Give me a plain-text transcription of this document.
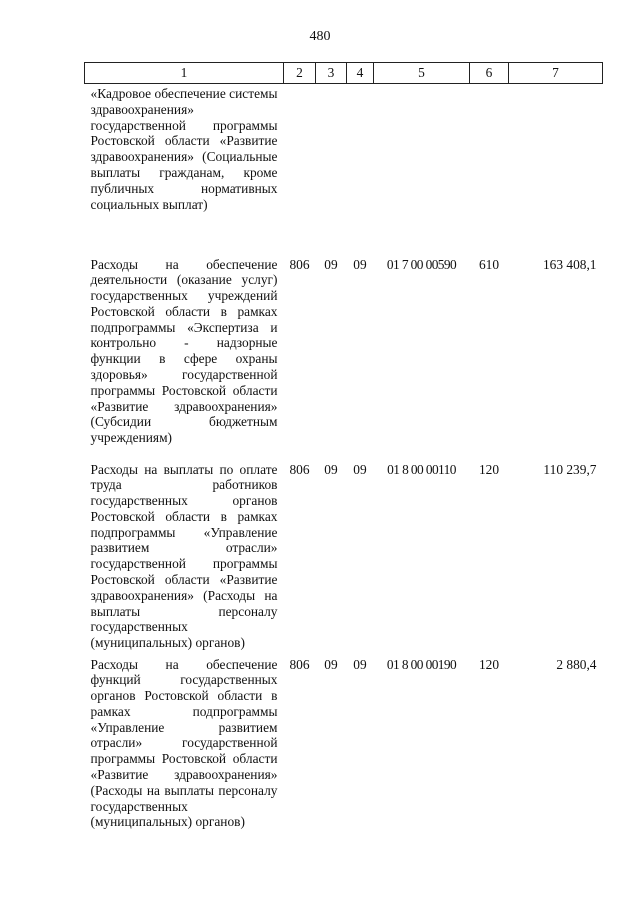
480
1	2	3	4	5	6	7
«Кадровое обеспечение системы здравоохранения» государственной программы Ростовской области «Развитие здравоохранения» (Социальные выплаты гражданам, кроме публичных нормативных социальных выплат)						
Расходы на обеспечение деятельности (оказание услуг) государственных учреждений Ростовской области в рамках подпрограммы «Экспертиза и контрольно - надзорные функции в сфере охраны здоровья» государственной программы Ростовской области «Развитие здравоохранения» (Субсидии бюджетным учреждениям)	806	09	09	01 7 00 00590	610	163 408,1
Расходы на выплаты по оплате труда работников государственных органов Ростовской области в рамках подпрограммы «Управление развитием отрасли» государственной программы Ростовской области «Развитие здравоохранения» (Расходы на выплаты персоналу государственных (муниципальных) органов)	806	09	09	01 8 00 00110	120	110 239,7
Расходы на обеспечение функций государственных органов Ростовской области в рамках подпрограммы «Управление развитием отрасли» государственной программы Ростовской области «Развитие здравоохранения» (Расходы на выплаты персоналу государственных (муниципальных) органов)	806	09	09	01 8 00 00190	120	2 880,4
